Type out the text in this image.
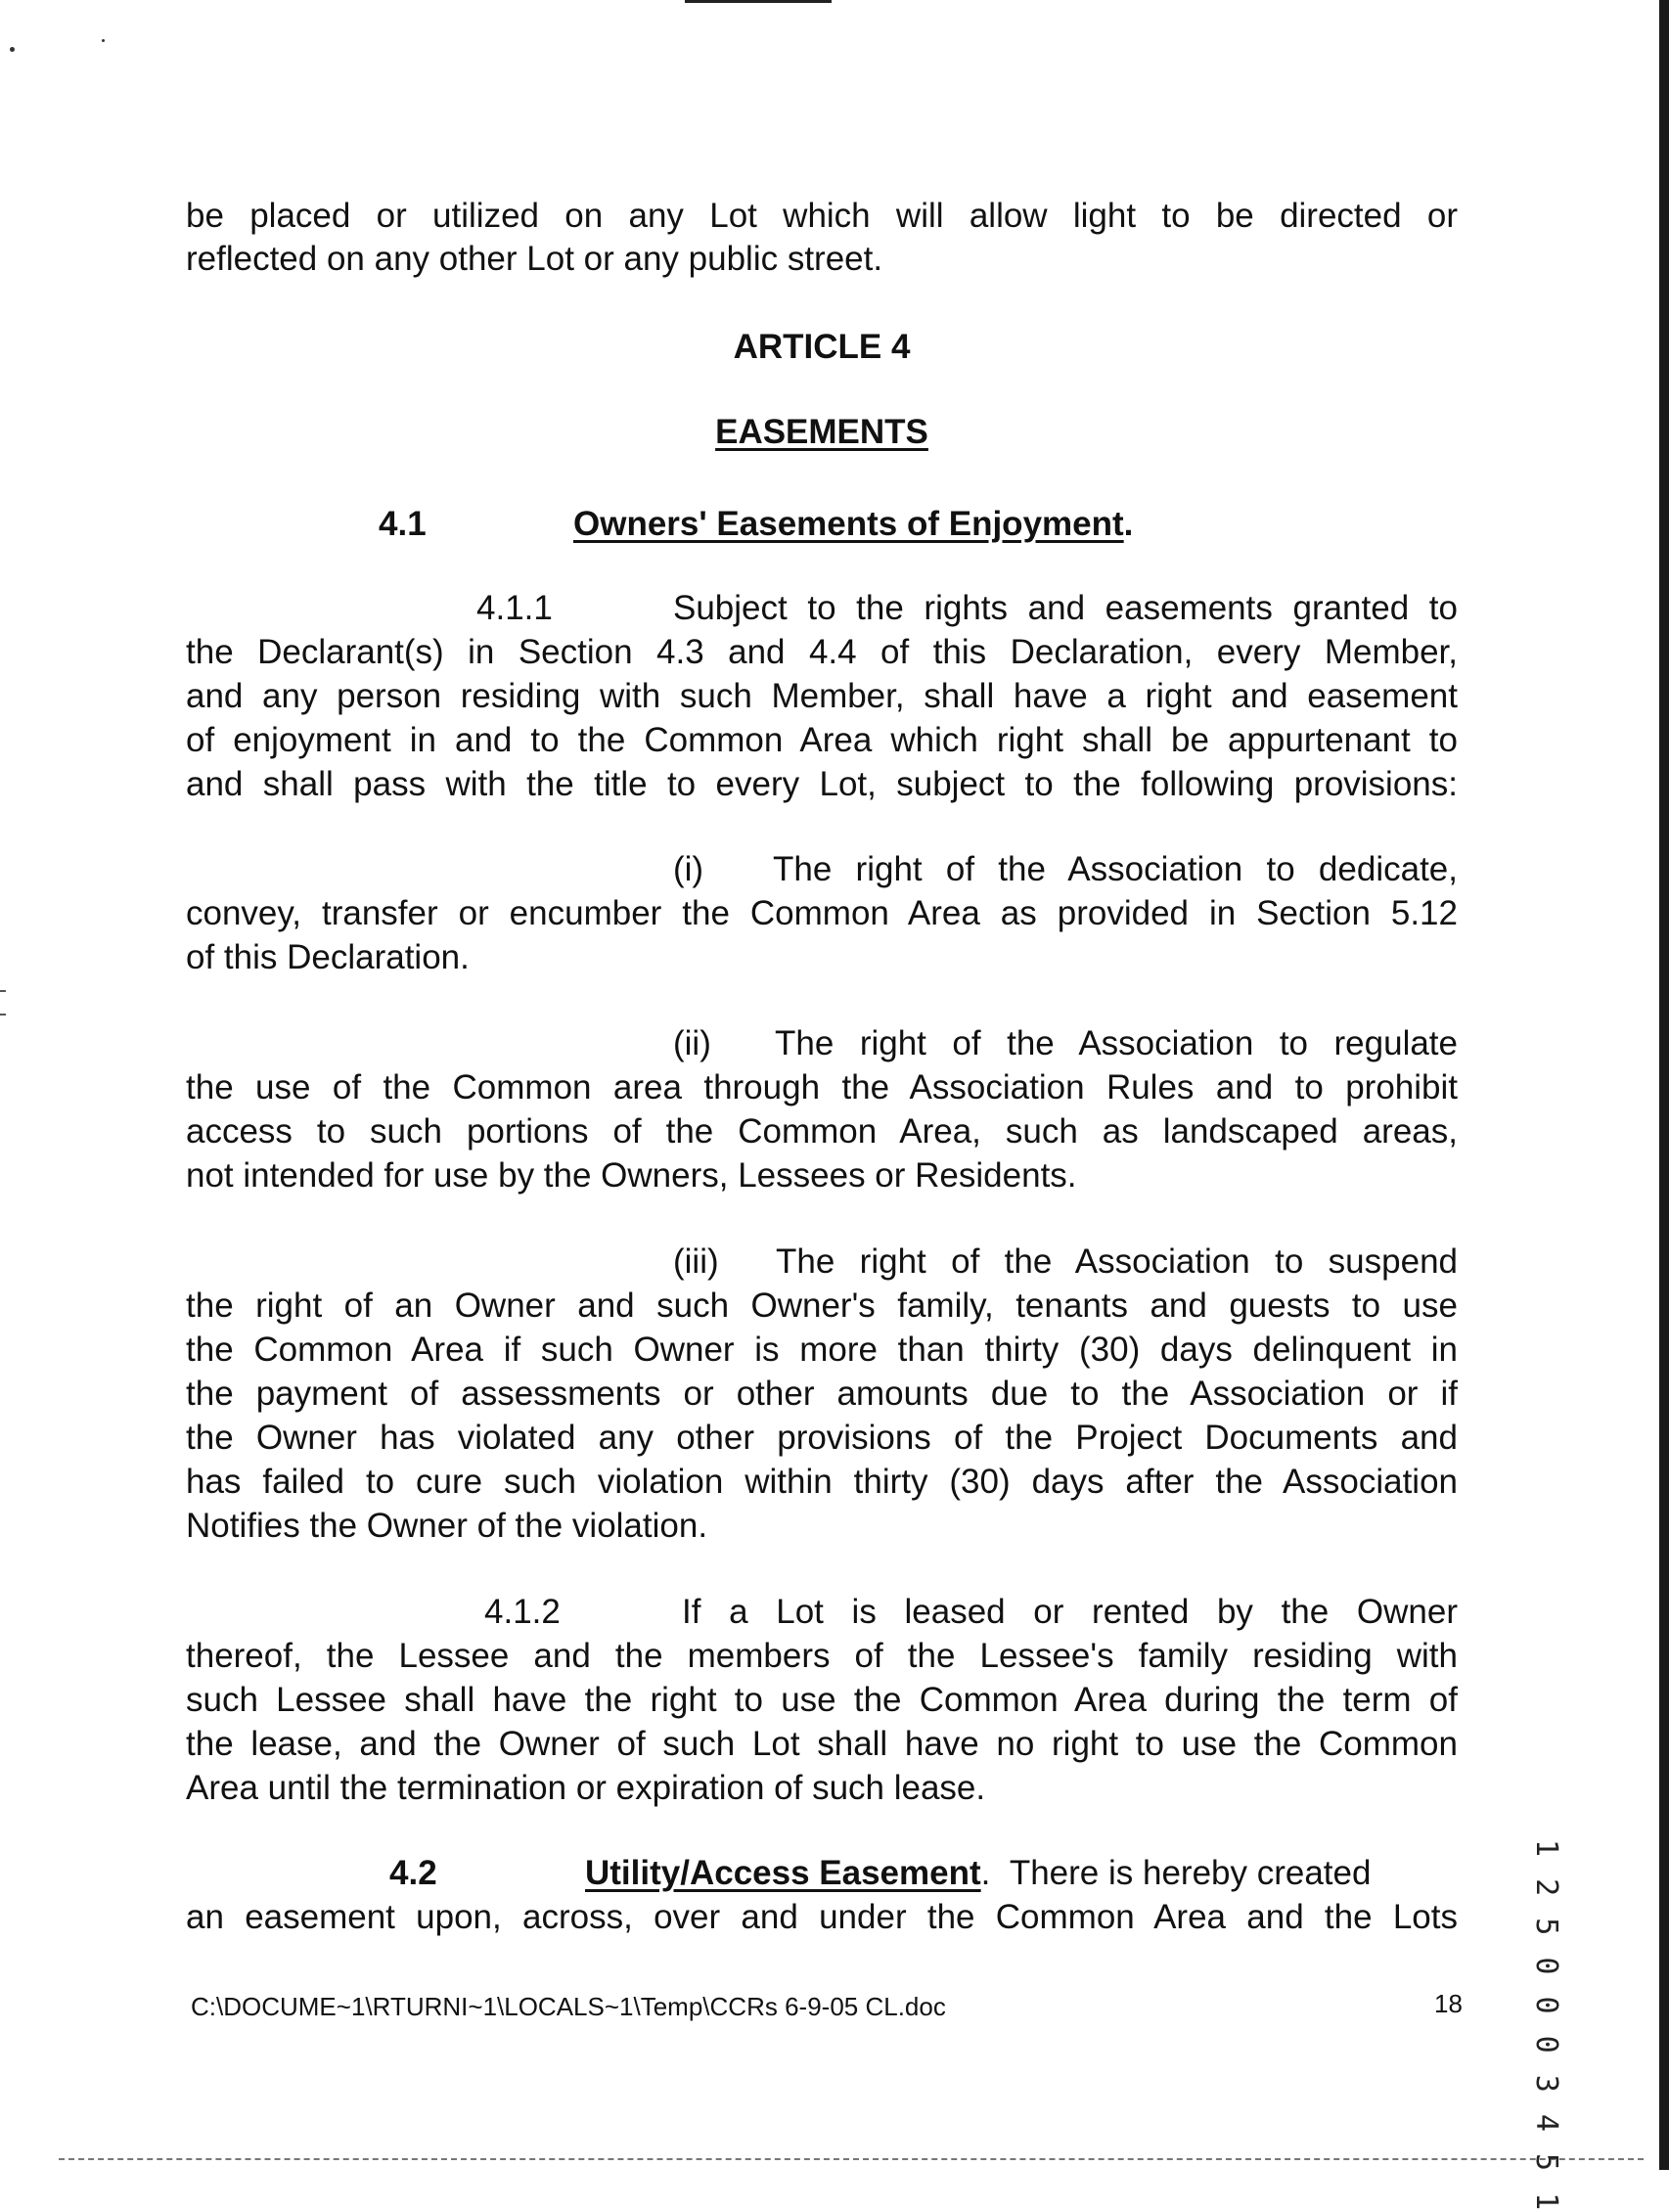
be placed or utilized on any Lot which will allow light to be directed or
reflected on any other Lot or any public street.
ARTICLE 4
EASEMENTS
4.1	Owners' Easements of Enjoyment.
4.1.1	Subject to the rights and easements granted to
the Declarant(s) in Section 4.3 and 4.4 of this Declaration, every Member,
and any person residing with such Member, shall have a right and easement
of enjoyment in and to the Common Area which right shall be appurtenant to
and shall pass with the title to every Lot, subject to the following provisions:
(i)	The right of the Association to dedicate,
convey, transfer or encumber the Common Area as provided in Section 5.12
of this Declaration.
(ii)	The right of the Association to regulate
the use of the Common area through the Association Rules and to prohibit
access to such portions of the Common Area, such as landscaped areas,
not intended for use by the Owners, Lessees or Residents.
(iii)	The right of the Association to suspend
the right of an Owner and such Owner's family, tenants and guests to use
the Common Area if such Owner is more than thirty (30) days delinquent in
the payment of assessments or other amounts due to the Association or if
the Owner has violated any other provisions of the Project Documents and
has failed to cure such violation within thirty (30) days after the Association
Notifies the Owner of the violation.
4.1.2	If a Lot is leased or rented by the Owner
thereof, the Lessee and the members of the Lessee's family residing with
such Lessee shall have the right to use the Common Area during the term of
the lease, and the Owner of such Lot shall have no right to use the Common
Area until the termination or expiration of such lease.
4.2	Utility/Access Easement. There is hereby created
an easement upon, across, over and under the Common Area and the Lots
C:\DOCUME~1\RTURNI~1\LOCALS~1\Temp\CCRs 6-9-05 CL.doc	18 1 2 5 0 0 0 3 4 5 1
